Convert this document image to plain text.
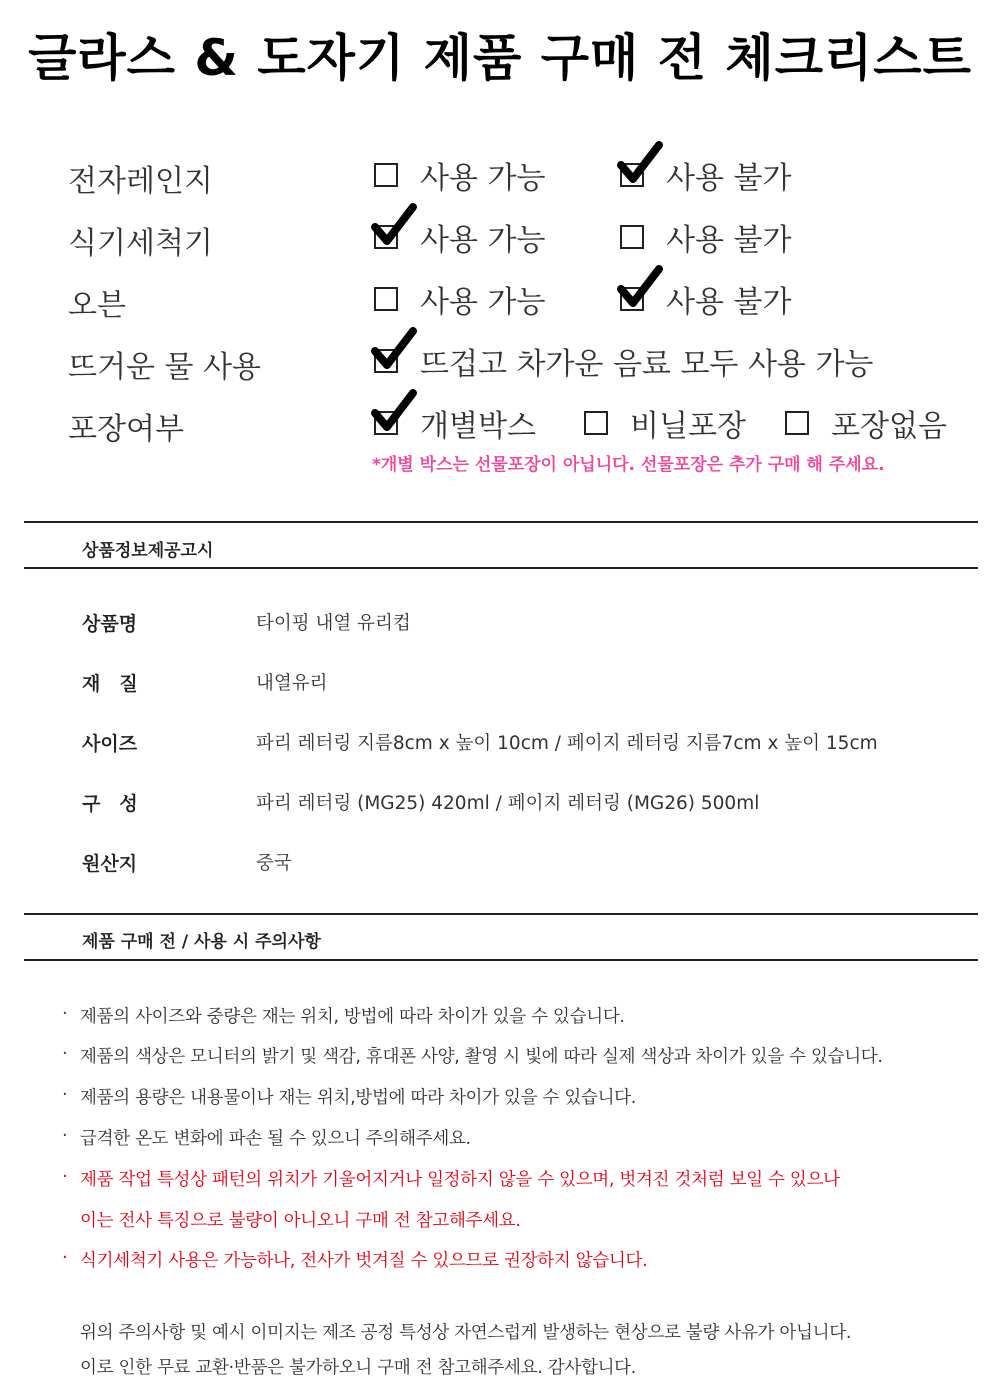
글라스 & 도자기 제품 구매 전 체크리스트
전자레인지	사용 가능	사용 불가
식기세척기	사용 가능	사용 불가
오븐	사용 가능	사용 불가
뜨거운 물 사용	뜨겁고 차가운 음료 모두 사용 가능
포장여부	개별박스	비닐포장	포장없음
*개별 박스는 선물포장이 아닙니다. 선물포장은 추가 구매 해 주세요.
상품정보제공고시
상품명	타이핑 내열 유리컵
재　질	내열유리
사이즈	파리 레터링 지름8cm x 높이 10cm / 페이지 레터링 지름7cm x 높이 15cm
구　성	파리 레터링 (MG25) 420ml / 페이지 레터링 (MG26) 500ml
원산지	중국
제품 구매 전 / 사용 시 주의사항
· 제품의 사이즈와 중량은 재는 위치, 방법에 따라 차이가 있을 수 있습니다.
· 제품의 색상은 모니터의 밝기 및 색감, 휴대폰 사양, 촬영 시 빛에 따라 실제 색상과 차이가 있을 수 있습니다.
· 제품의 용량은 내용물이나 재는 위치,방법에 따라 차이가 있을 수 있습니다.
· 급격한 온도 변화에 파손 될 수 있으니 주의해주세요.
· 제품 작업 특성상 패턴의 위치가 기울어지거나 일정하지 않을 수 있으며, 벗겨진 것처럼 보일 수 있으나
이는 전사 특징으로 불량이 아니오니 구매 전 참고해주세요.
· 식기세척기 사용은 가능하나, 전사가 벗겨질 수 있으므로 권장하지 않습니다.
위의 주의사항 및 예시 이미지는 제조 공정 특성상 자연스럽게 발생하는 현상으로 불량 사유가 아닙니다.
이로 인한 무료 교환·반품은 불가하오니 구매 전 참고해주세요. 감사합니다.
